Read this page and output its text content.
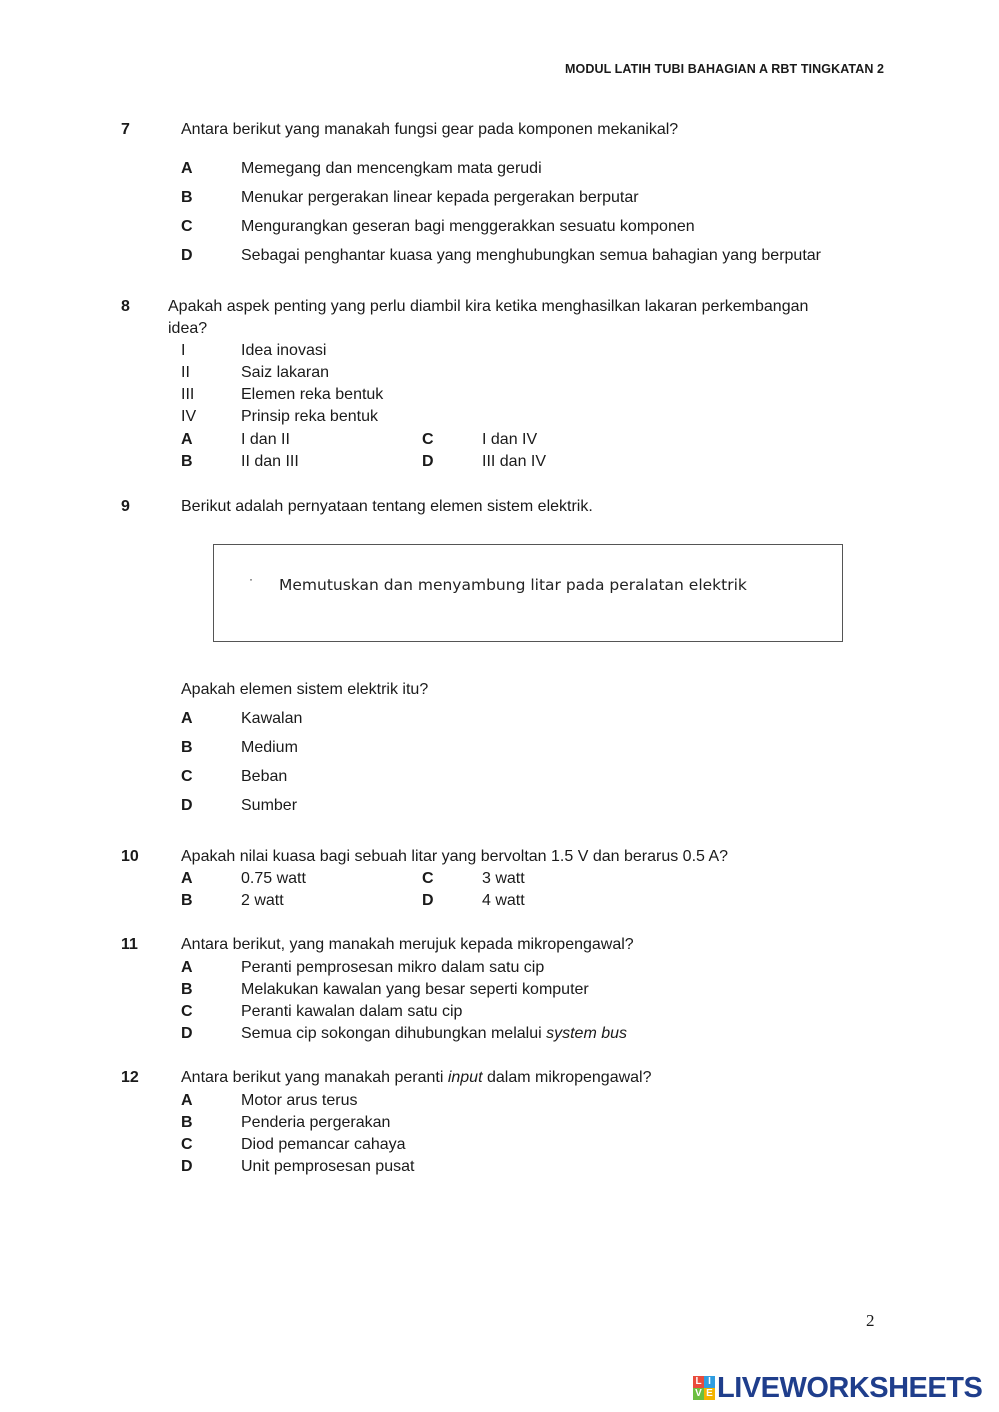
MODUL LATIH TUBI BAHAGIAN A RBT TINGKATAN 2
7	Antara berikut yang manakah fungsi gear pada komponen mekanikal?
A	Memegang dan mencengkam mata gerudi
B	Menukar pergerakan linear kepada pergerakan berputar
C	Mengurangkan geseran bagi menggerakkan sesuatu komponen
D	Sebagai penghantar kuasa yang menghubungkan semua bahagian yang berputar
8 Apakah aspek penting yang perlu diambil kira ketika menghasilkan lakaran perkembangan
idea?
I	Idea inovasi
II	Saiz lakaran
III	Elemen reka bentuk
IV	Prinsip reka bentuk
A	I dan II	C	I dan IV
B	II dan III	D	III dan IV
9	Berikut adalah pernyataan tentang elemen sistem elektrik.
· Memutuskan dan menyambung litar pada peralatan elektrik
Apakah elemen sistem elektrik itu?
A	Kawalan
B	Medium
C	Beban
D	Sumber
10	Apakah nilai kuasa bagi sebuah litar yang bervoltan 1.5 V dan berarus 0.5 A?
A	0.75 watt	C	3 watt
B	2 watt	D	4 watt
11	Antara berikut, yang manakah merujuk kepada mikropengawal?
A	Peranti pemprosesan mikro dalam satu cip
B	Melakukan kawalan yang besar seperti komputer
C	Peranti kawalan dalam satu cip
D	Semua cip sokongan dihubungkan melalui system bus
12	Antara berikut yang manakah peranti input dalam mikropengawal?
A	Motor arus terus
B	Penderia pergerakan
C	Diod pemancar cahaya
D	Unit pemprosesan pusat
2
L I
V E LIVEWORKSHEETS
